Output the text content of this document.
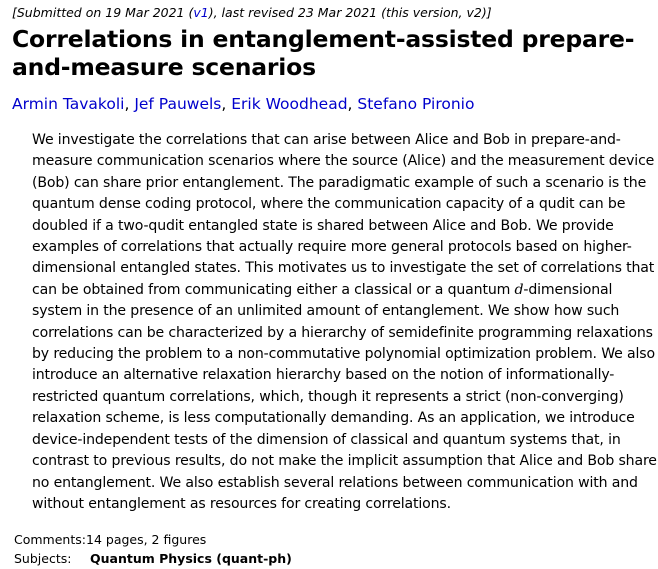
[Submitted on 19 Mar 2021 (v1), last revised 23 Mar 2021 (this version, v2)]
Correlations in entanglement-assisted prepare-and-measure scenarios
Armin Tavakoli, Jef Pauwels, Erik Woodhead, Stefano Pironio
We investigate the correlations that can arise between Alice and Bob in prepare-and-
measure communication scenarios where the source (Alice) and the measurement device
(Bob) can share prior entanglement. The paradigmatic example of such a scenario is the
quantum dense coding protocol, where the communication capacity of a qudit can be
doubled if a two-qudit entangled state is shared between Alice and Bob. We provide
examples of correlations that actually require more general protocols based on higher-
dimensional entangled states. This motivates us to investigate the set of correlations that
can be obtained from communicating either a classical or a quantum d-dimensional
system in the presence of an unlimited amount of entanglement. We show how such
correlations can be characterized by a hierarchy of semidefinite programming relaxations
by reducing the problem to a non-commutative polynomial optimization problem. We also
introduce an alternative relaxation hierarchy based on the notion of informationally-
restricted quantum correlations, which, though it represents a strict (non-converging)
relaxation scheme, is less computationally demanding. As an application, we introduce
device-independent tests of the dimension of classical and quantum systems that, in
contrast to previous results, do not make the implicit assumption that Alice and Bob share
no entanglement. We also establish several relations between communication with and
without entanglement as resources for creating correlations.
Comments:14 pages, 2 figures
Subjects: Quantum Physics (quant-ph)
